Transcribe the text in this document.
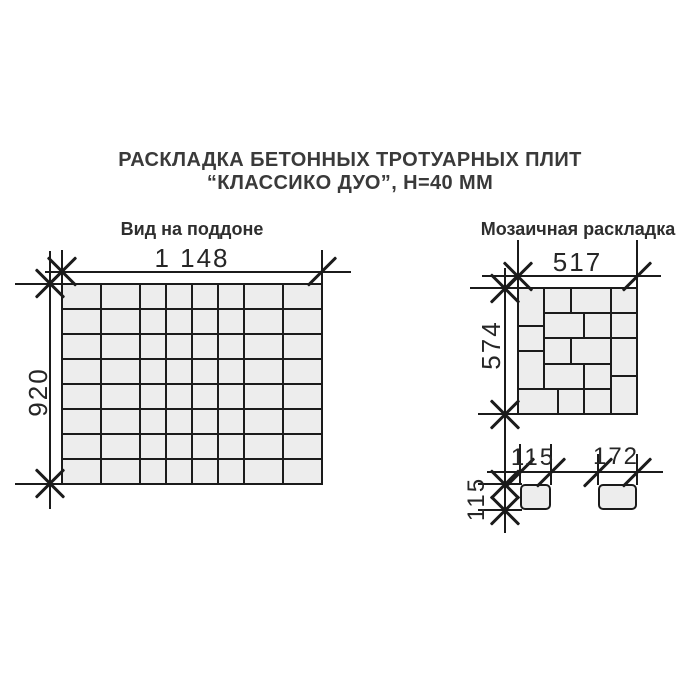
РАСКЛАДКА БЕТОННЫХ ТРОТУАРНЫХ ПЛИТ
“КЛАССИКО ДУО”, Н=40 ММ
Вид на поддоне	Мозаичная раскладка
1 148
920
517
574
115	172
115
